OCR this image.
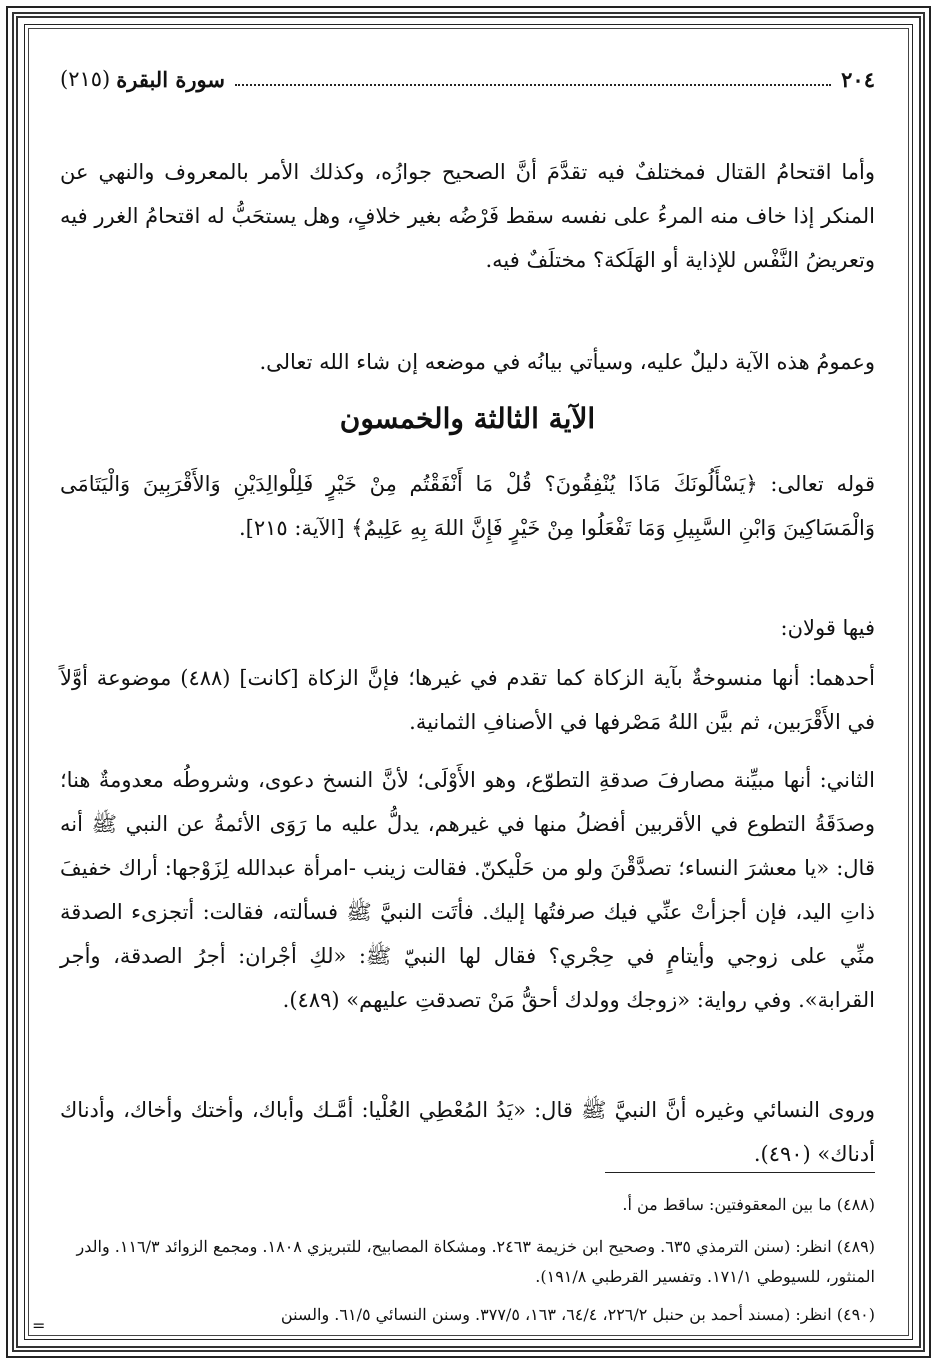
٢٠٤
سورة البقرة
(٢١٥)
وأما اقتحامُ القتال فمختلفٌ فيه تقدَّمَ أنَّ الصحيح جوازُه، وكذلك الأمر بالمعروف والنهي عن المنكر إذا خاف منه المرءُ على نفسه سقط فَرْضُه بغير خلافٍ، وهل يستحَبُّ له اقتحامُ الغرر فيه وتعريضُ النَّفْس للإذاية أو الهَلَكة؟ مختلَفٌ فيه.
وعمومُ هذه الآية دليلٌ عليه، وسيأتي بيانُه في موضعه إن شاء الله تعالى.
الآية الثالثة والخمسون
قوله تعالى: ﴿يَسْأَلُونَكَ مَاذَا يُنْفِقُونَ؟ قُلْ مَا أَنْفَقْتُم مِنْ خَيْرٍ فَلِلْوالِدَيْنِ وَالأَقْرَبِينَ وَالْيَتَامَى وَالْمَسَاكِينَ وَابْنِ السَّبِيلِ وَمَا تَفْعَلُوا مِنْ خَيْرٍ فَإِنَّ اللهَ بِهِ عَلِيمٌ﴾ [الآية: ٢١٥].
فيها قولان:
أحدهما: أنها منسوخةٌ بآية الزكاة كما تقدم في غيرها؛ فإنَّ الزكاة [كانت] (٤٨٨) موضوعة أوَّلاً في الأَقْرَبين، ثم بيَّن اللهُ مَصْرفها في الأصنافِ الثمانية.
الثاني: أنها مبيِّنة مصارفَ صدقةِ التطوّع، وهو الأَوْلَى؛ لأنَّ النسخ دعوى، وشروطُه معدومةٌ هنا؛ وصدَقَةُ التطوع في الأقربين أفضلُ منها في غيرهم، يدلُّ عليه ما رَوَى الأئمةُ عن النبي ﷺ أنه قال: «يا معشرَ النساء؛ تصدَّقْنَ ولو من حَلْيكنّ. فقالت زينب -امرأة عبدالله لِزَوْجها: أراك خفيفَ ذاتِ اليد، فإن أجزأتْ عنِّي فيك صرفتُها إليك. فأتَت النبيَّ ﷺ فسألته، فقالت: أتجزىء الصدقة منِّي على زوجي وأيتامٍ في حِجْري؟ فقال لها النبيّ ﷺ: «لكِ أجْران: أجرُ الصدقة، وأجر القرابة». وفي رواية: «زوجك وولدك أحقُّ مَنْ تصدقتِ عليهم» (٤٨٩).
وروى النسائي وغيره أنَّ النبيَّ ﷺ قال: «يَدُ المُعْطِي العُلْيا: أمَّـك وأباك، وأختك وأخاك، وأدناك أدناك» (٤٩٠).
(٤٨٨) ما بين المعقوفتين: ساقط من أ.
(٤٨٩) انظر: (سنن الترمذي ٦٣٥. وصحيح ابن خزيمة ٢٤٦٣. ومشكاة المصابيح، للتبريزي ١٨٠٨. ومجمع الزوائد ١١٦/٣. والدر المنثور، للسيوطي ١٧١/١. وتفسير القرطبي ١٩١/٨).
(٤٩٠) انظر: (مسند أحمد بن حنبل ٢٢٦/٢، ٦٤/٤، ١٦٣، ٣٧٧/٥. وسنن النسائي ٦١/٥. والسنن
=
